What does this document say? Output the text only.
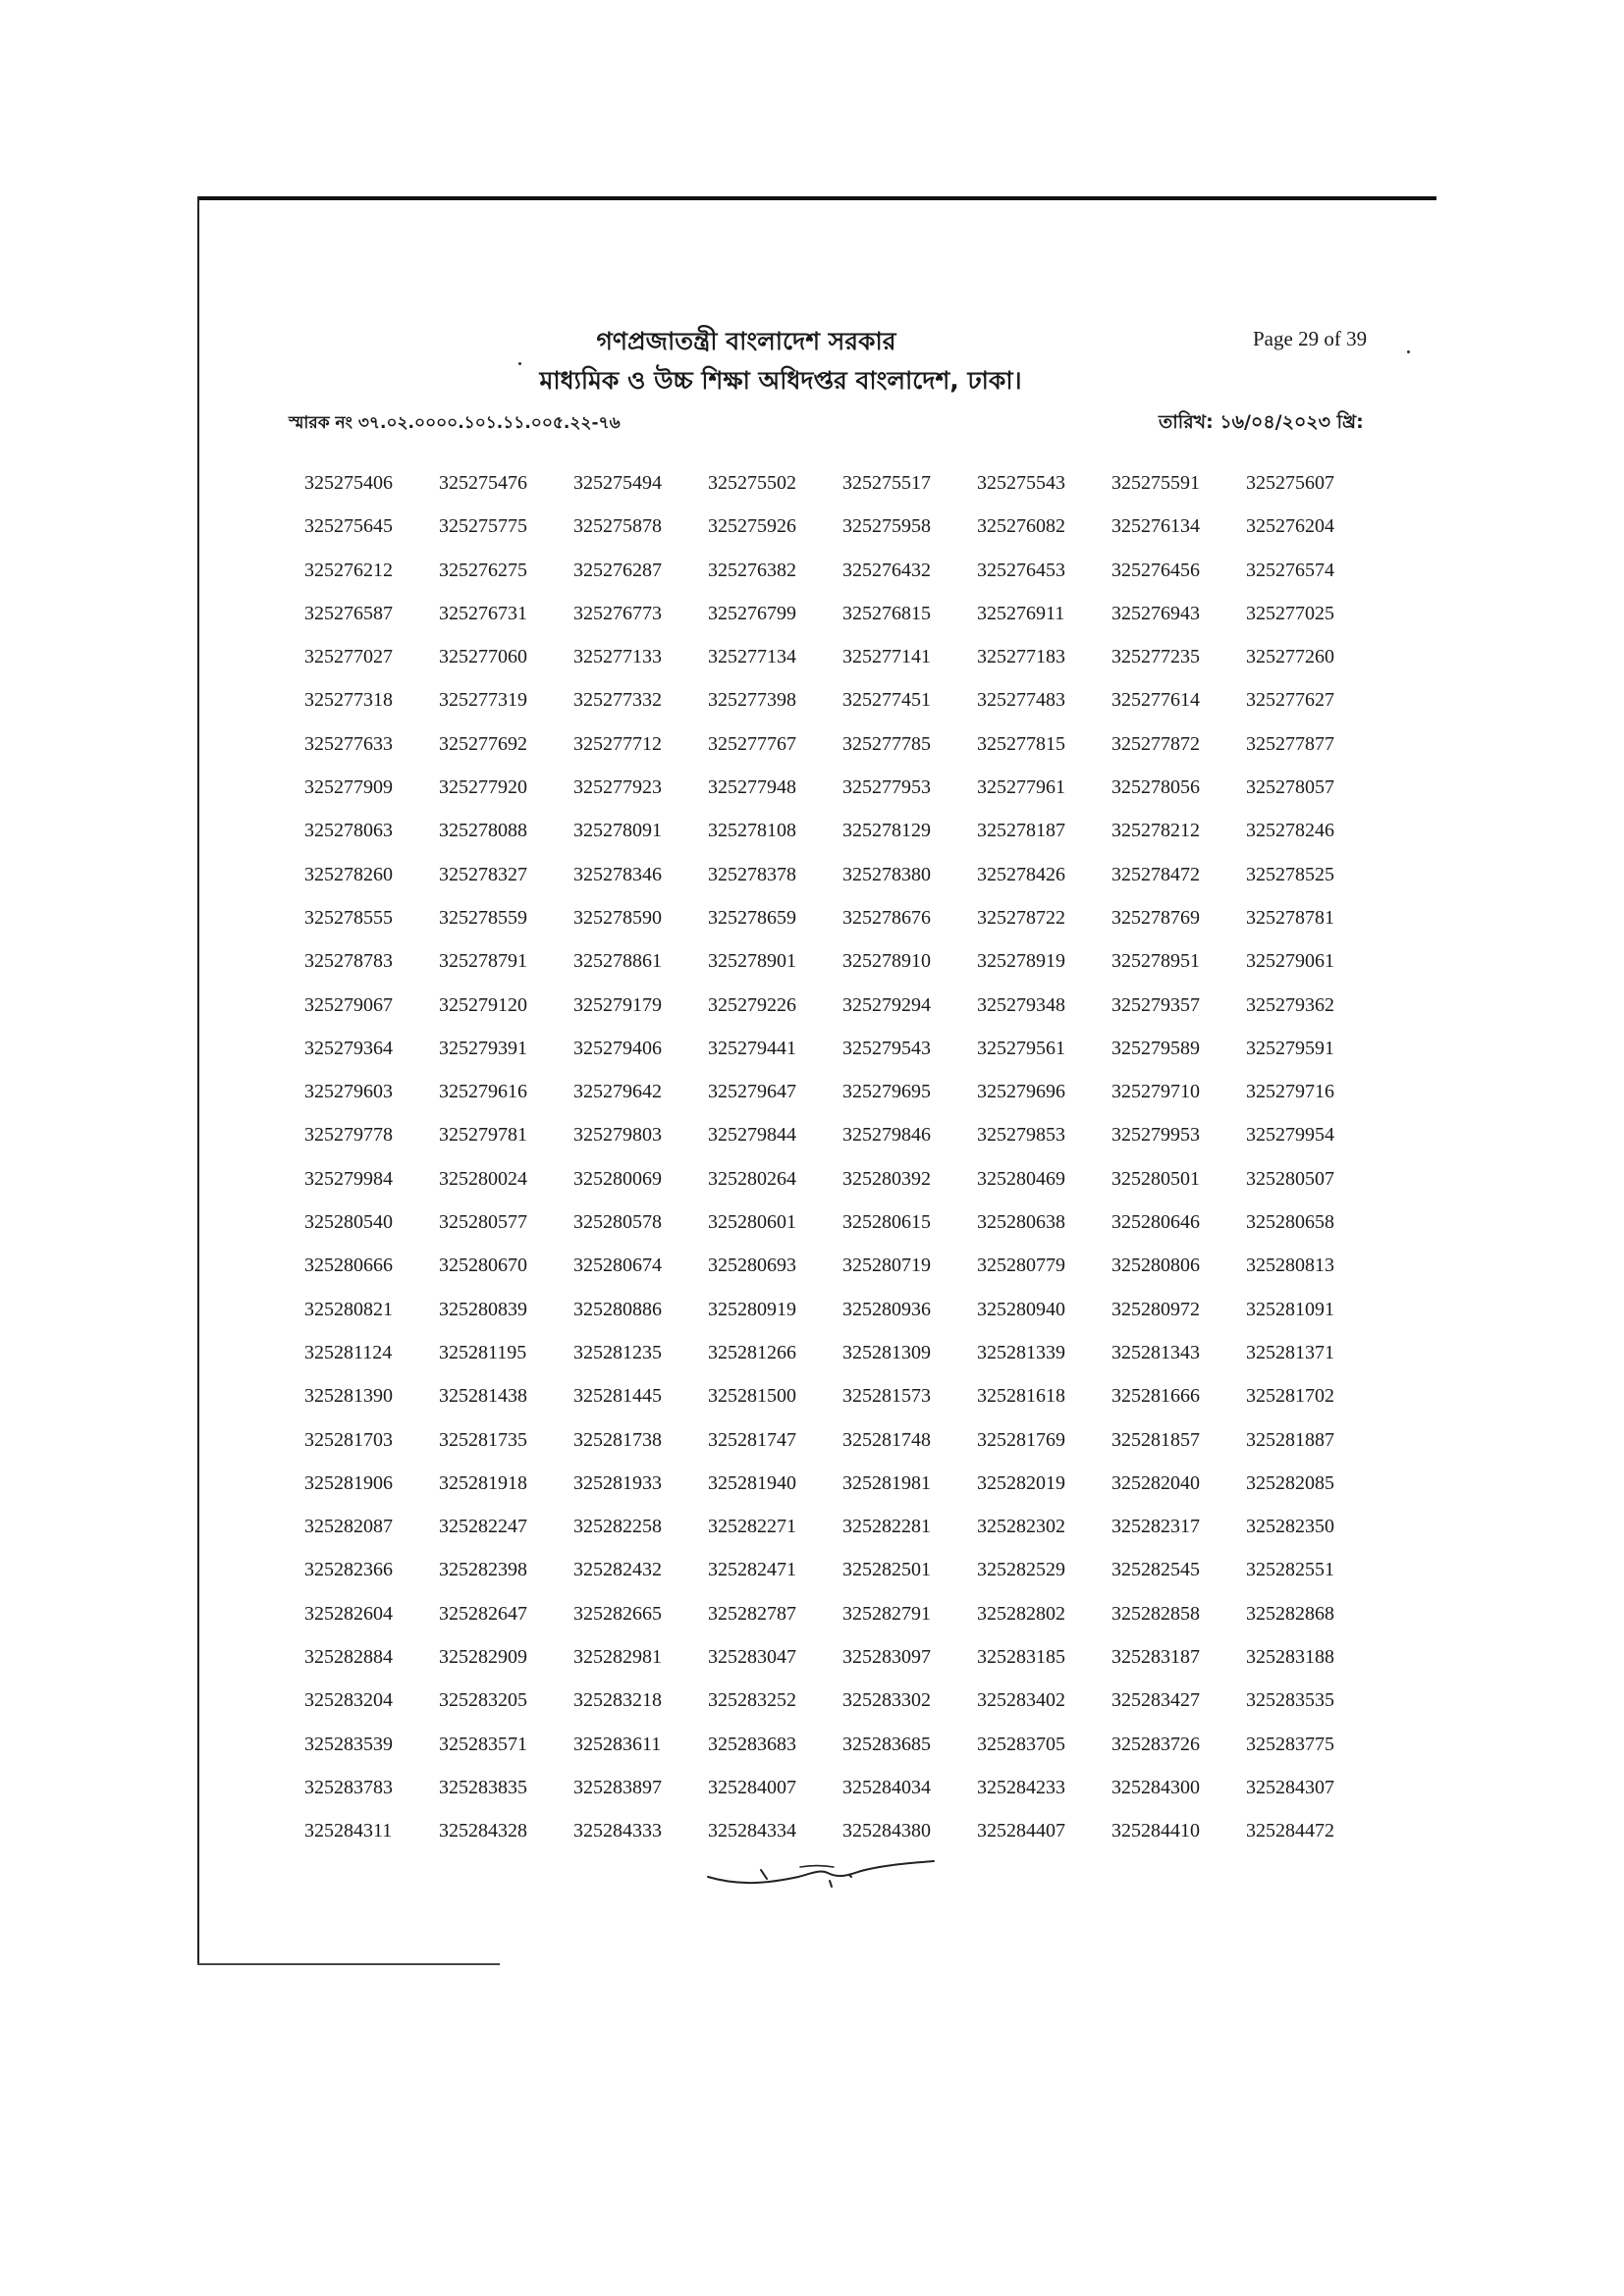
গণপ্রজাতন্ত্রী বাংলাদেশ সরকার
মাধ্যমিক ও উচ্চ শিক্ষা অধিদপ্তর বাংলাদেশ, ঢাকা।
Page 29 of 39
স্মারক নং ৩৭.০২.০০০০.১০১.১১.০০৫.২২-৭৬	তারিখ: ১৬/০৪/২০২৩ খ্রি:
325275406	325275476	325275494	325275502	325275517	325275543	325275591	325275607
325275645	325275775	325275878	325275926	325275958	325276082	325276134	325276204
325276212	325276275	325276287	325276382	325276432	325276453	325276456	325276574
325276587	325276731	325276773	325276799	325276815	325276911	325276943	325277025
325277027	325277060	325277133	325277134	325277141	325277183	325277235	325277260
325277318	325277319	325277332	325277398	325277451	325277483	325277614	325277627
325277633	325277692	325277712	325277767	325277785	325277815	325277872	325277877
325277909	325277920	325277923	325277948	325277953	325277961	325278056	325278057
325278063	325278088	325278091	325278108	325278129	325278187	325278212	325278246
325278260	325278327	325278346	325278378	325278380	325278426	325278472	325278525
325278555	325278559	325278590	325278659	325278676	325278722	325278769	325278781
325278783	325278791	325278861	325278901	325278910	325278919	325278951	325279061
325279067	325279120	325279179	325279226	325279294	325279348	325279357	325279362
325279364	325279391	325279406	325279441	325279543	325279561	325279589	325279591
325279603	325279616	325279642	325279647	325279695	325279696	325279710	325279716
325279778	325279781	325279803	325279844	325279846	325279853	325279953	325279954
325279984	325280024	325280069	325280264	325280392	325280469	325280501	325280507
325280540	325280577	325280578	325280601	325280615	325280638	325280646	325280658
325280666	325280670	325280674	325280693	325280719	325280779	325280806	325280813
325280821	325280839	325280886	325280919	325280936	325280940	325280972	325281091
325281124	325281195	325281235	325281266	325281309	325281339	325281343	325281371
325281390	325281438	325281445	325281500	325281573	325281618	325281666	325281702
325281703	325281735	325281738	325281747	325281748	325281769	325281857	325281887
325281906	325281918	325281933	325281940	325281981	325282019	325282040	325282085
325282087	325282247	325282258	325282271	325282281	325282302	325282317	325282350
325282366	325282398	325282432	325282471	325282501	325282529	325282545	325282551
325282604	325282647	325282665	325282787	325282791	325282802	325282858	325282868
325282884	325282909	325282981	325283047	325283097	325283185	325283187	325283188
325283204	325283205	325283218	325283252	325283302	325283402	325283427	325283535
325283539	325283571	325283611	325283683	325283685	325283705	325283726	325283775
325283783	325283835	325283897	325284007	325284034	325284233	325284300	325284307
325284311	325284328	325284333	325284334	325284380	325284407	325284410	325284472
